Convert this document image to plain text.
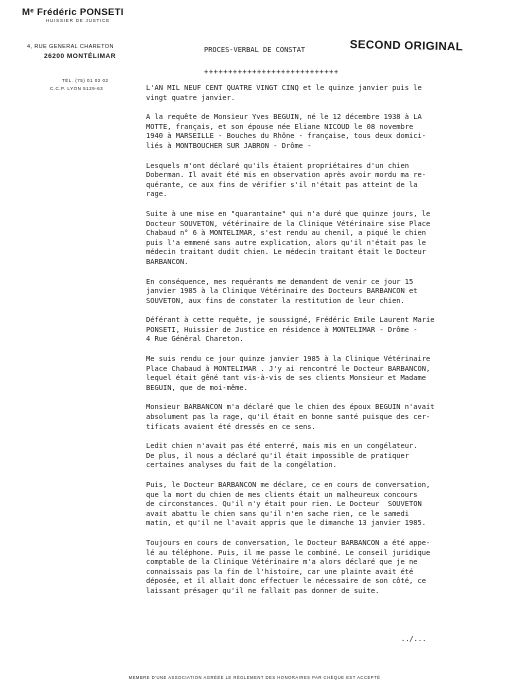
Mᵉ Frédéric PONSETI
HUISSIER DE JUSTICE
4, RUE GENERAL CHARETON
26200 MONTÉLIMAR
TÉL. (75) 01 02 02
C.C.P. LYON 5129-63
PROCES-VERBAL DE CONSTAT	SECOND ORIGINAL
++++++++++++++++++++++++++++
L'AN MIL NEUF CENT QUATRE VINGT CINQ et le quinze janvier puis le
vingt quatre janvier.
A la requête de Monsieur Yves BEGUIN, né le 12 décembre 1938 à LA
MOTTE, français, et son épouse née Eliane NICOUD le 08 novembre
1940 à MARSEILLE - Bouches du Rhône - française, tous deux domici-
liés à MONTBOUCHER SUR JABRON - Drôme -
Lesquels m'ont déclaré qu'ils étaient propriétaires d'un chien
Doberman. Il avait été mis en observation après avoir mordu ma re-
quérante, ce aux fins de vérifier s'il n'était pas atteint de la
rage.
Suite à une mise en "quarantaine" qui n'a duré que quinze jours, le
Docteur SOUVETON, vétérinaire de la Clinique Vétérinaire sise Place
Chabaud n° 6 à MONTELIMAR, s'est rendu au chenil, a piqué le chien
puis l'a emmené sans autre explication, alors qu'il n'était pas le
médecin traitant dudit chien. Le médecin traitant était le Docteur
BARBANCON.
En conséquence, mes requérants me demandent de venir ce jour 15
janvier 1985 à la Clinique Vétérinaire des Docteurs BARBANCON et
SOUVETON, aux fins de constater la restitution de leur chien.
Déférant à cette requête, je soussigné, Frédéric Emile Laurent Marie
PONSETI, Huissier de Justice en résidence à MONTELIMAR - Drôme -
4 Rue Général Chareton.
Me suis rendu ce jour quinze janvier 1985 à la Clinique Vétérinaire
Place Chabaud à MONTELIMAR . J'y ai rencontré le Docteur BARBANCON,
lequel était gêné tant vis-à-vis de ses clients Monsieur et Madame
BEGUIN, que de moi-même.
Monsieur BARBANCON m'a déclaré que le chien des époux BEGUIN n'avait
absolument pas la rage, qu'il était en bonne santé puisque des cer-
tificats avaient été dressés en ce sens.
Ledit chien n'avait pas été enterré, mais mis en un congélateur.
De plus, il nous a déclaré qu'il était impossible de pratiquer
certaines analyses du fait de la congélation.
Puis, le Docteur BARBANCON me déclare, ce en cours de conversation,
que la mort du chien de mes clients était un malheureux concours
de circonstances. Qu'il n'y était pour rien. Le Docteur  SOUVETON
avait abattu le chien sans qu'il n'en sache rien, ce le samedi
matin, et qu'il ne l'avait appris que le dimanche 13 janvier 1985.
Toujours en cours de conversation, le Docteur BARBANCON a été appe-
lé au téléphone. Puis, il me passe le combiné. Le conseil juridique
comptable de la Clinique Vétérinaire m'a alors déclaré que je ne
connaissais pas la fin de l'histoire, car une plainte avait été
déposée, et il allait donc effectuer le nécessaire de son côté, ce
laissant présager qu'il ne fallait pas donner de suite.
../...
MEMBRE D'UNE ASSOCIATION AGRÉÉE LE RÈGLEMENT DES HONORAIRES PAR CHÈQUE EST ACCEPTÉ
